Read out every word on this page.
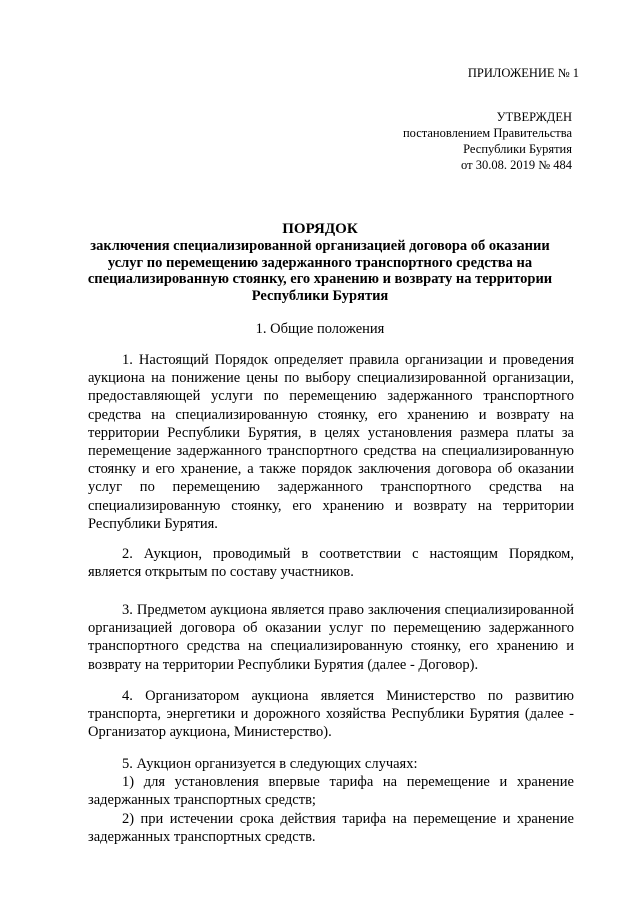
ПРИЛОЖЕНИЕ № 1
УТВЕРЖДЕН
постановлением Правительства
Республики Бурятия
от 30.08. 2019 № 484
ПОРЯДОК
заключения специализированной организацией договора об оказании услуг по перемещению задержанного транспортного средства на специализированную стоянку, его хранению и возврату на территории Республики Бурятия
1. Общие положения

1. Настоящий Порядок определяет правила организации и проведения аукциона на понижение цены по выбору специализированной организации, предоставляющей услуги по перемещению задержанного транспортного средства на специализированную стоянку, его хранению и возврату на территории Республики Бурятия, в целях установления размера платы за перемещение задержанного транспортного средства на специализированную стоянку и его хранение, а также порядок заключения договора об оказании услуг по перемещению задержанного транспортного средства на специализированную стоянку, его хранению и возврату на территории Республики Бурятия.

2. Аукцион, проводимый в соответствии с настоящим Порядком, является открытым по составу участников.

3. Предметом аукциона является право заключения специализированной организацией договора об оказании услуг по перемещению задержанного транспортного средства на специализированную стоянку, его хранению и возврату на территории Республики Бурятия (далее - Договор).

4. Организатором аукциона является Министерство по развитию транспорта, энергетики и дорожного хозяйства Республики Бурятия (далее - Организатор аукциона, Министерство).

5. Аукцион организуется в следующих случаях:

1) для установления впервые тарифа на перемещение и хранение задержанных транспортных средств;

2) при истечении срока действия тарифа на перемещение и хранение задержанных транспортных средств.
